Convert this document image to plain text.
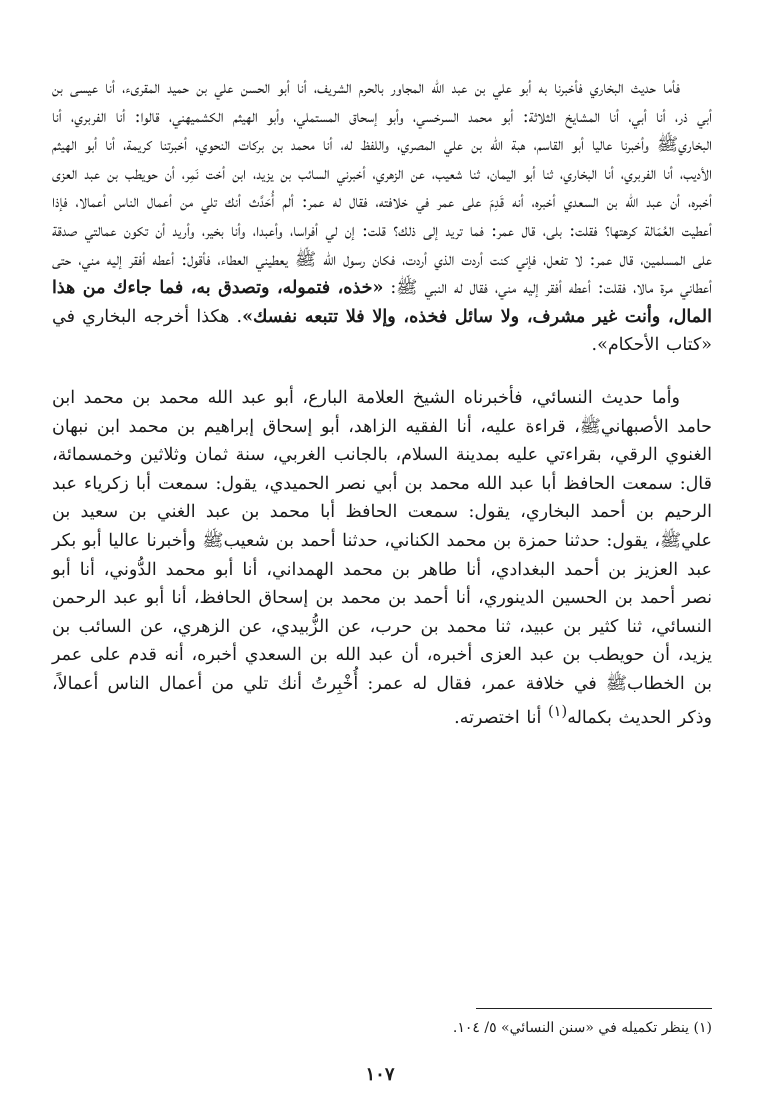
فأما حديث البخاري فأخبرنا به أبو علي بن عبد الله المجاور بالحرم الشريف، أنا أبو الحسن علي بن حميد المقرىء، أنا عيسى بن أبي ذر، أنا أبي، أنا المشايخ الثلاثة: أبو محمد السرخسي، وأبو إسحاق المستملي، وأبو الهيثم الكشميهني، قالوا: أنا الفربري، أنا البخاريﷺ وأخبرنا عاليا أبو القاسم، هبة الله بن علي المصري، واللفظ له، أنا محمد بن بركات النحوي، أخبرتنا كريمة، أنا أبو الهيثم الأديب، أنا الفربري، أنا البخاري، ثنا أبو اليمان، ثنا شعيب، عن الزهري، أخبرني السائب بن يزيد، ابن أخت نَمِر، أن حويطب بن عبد العزى أخبره، أن عبد الله بن السعدي أخبره، أنه قَدِمَ على عمر في خلافته، فقال له عمر: ألم أُحَدَّث أنك تلي من أعمال الناس أعمالا، فإذا أعطيت العُمَالة كرهتها؟ فقلت: بلى، قال عمر: فما تريد إلى ذلك؟ قلت: إن لي أفراسا، وأعبدا، وأنا بخير، وأريد أن تكون عمالتي صدقة على المسلمين، قال عمر: لا تفعل، فإني كنت أردت الذي أردت، فكان رسول الله ﷺ يعطيني العطاء، فأقول: أعطه أفقر إليه مني، حتى أعطاني مرة مالا، فقلت: أعطه أفقر إليه مني، فقال له النبي ﷺ: «خذه، فتموله، وتصدق به، فما جاءك من هذا المال، وأنت غير مشرف، ولا سائل فخذه، وإلا فلا تتبعه نفسك». هكذا أخرجه البخاري في «كتاب الأحكام».

وأما حديث النسائي، فأخبرناه الشيخ العلامة البارع، أبو عبد الله محمد بن محمد ابن حامد الأصبهانيﷺ، قراءة عليه، أنا الفقيه الزاهد، أبو إسحاق إبراهيم بن محمد ابن نبهان الغنوي الرقي، بقراءتي عليه بمدينة السلام، بالجانب الغربي، سنة ثمان وثلاثين وخمسمائة، قال: سمعت الحافظ أبا عبد الله محمد بن أبي نصر الحميدي، يقول: سمعت أبا زكرياء عبد الرحيم بن أحمد البخاري، يقول: سمعت الحافظ أبا محمد بن عبد الغني بن سعيد بن عليﷺ، يقول: حدثنا حمزة بن محمد الكناني، حدثنا أحمد بن شعيبﷺ وأخبرنا عاليا أبو بكر عبد العزيز بن أحمد البغدادي، أنا طاهر بن محمد الهمداني، أنا أبو محمد الدُّوني، أنا أبو نصر أحمد بن الحسين الدينوري، أنا أحمد بن محمد بن إسحاق الحافظ، أنا أبو عبد الرحمن النسائي، ثنا كثير بن عبيد، ثنا محمد بن حرب، عن الزُّبيدي، عن الزهري، عن السائب بن يزيد، أن حويطب بن عبد العزى أخبره، أن عبد الله بن السعدي أخبره، أنه قدم على عمر بن الخطابﷺ في خلافة عمر، فقال له عمر: أُخْبِرتُ أنك تلي من أعمال الناس أعمالاً، وذكر الحديث بكماله$^{(١)}$ أنا اختصرته.

(١) ينظر تكميله في «سنن النسائي» ٥/ ١٠٤.

١٠٧
